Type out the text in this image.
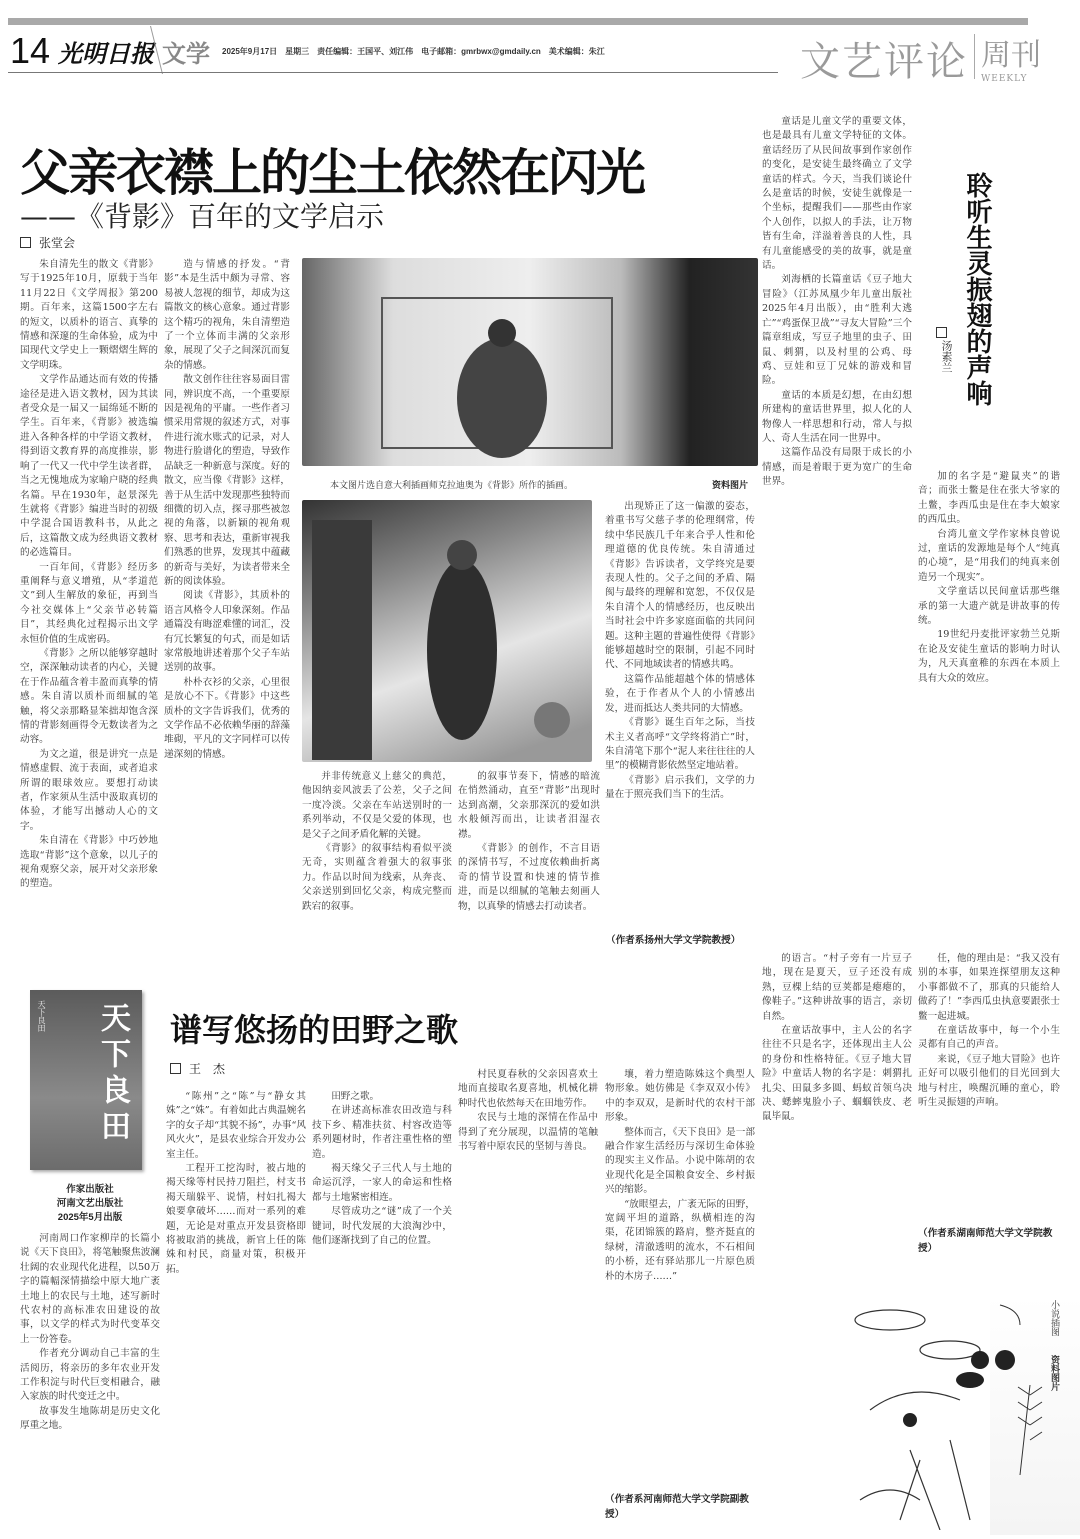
14 光明日报 文学 2025年9月17日　星期三　责任编辑：王国平、刘江伟　电子邮箱：gmrbwx@gmdaily.cn　美术编辑：朱江	文艺评论 周刊
WEEKLY
父亲衣襟上的尘土依然在闪光
——《背影》百年的文学启示
张堂会

朱自清先生的散文《背影》写于1925年10月，原载于当年11月22日《文学周报》第200期。百年来，这篇1500字左右的短文，以质朴的语言、真挚的情感和深邃的生命体验，成为中国现代文学史上一颗熠熠生辉的文学明珠。

文学作品通达而有效的传播途径是进入语文教材，因为其读者受众是一届又一届绵延不断的学生。百年来，《背影》被选编进入各种各样的中学语文教材，得到语文教育界的高度推崇，影响了一代又一代中学生读者群，当之无愧地成为家喻户晓的经典名篇。早在1930年，赵景深先生就将《背影》编进当时的初级中学混合国语教科书，从此之后，这篇散文成为经典语文教材的必选篇目。

一百年间，《背影》经历多重阐释与意义增殖，从“孝道范文”到人生解放的象征，再到当今社交媒体上“父亲节必转篇目”，其经典化过程揭示出文学永恒价值的生成密码。

《背影》之所以能够穿越时空，深深触动读者的内心，关键在于作品蕴含着丰盈而真挚的情感。朱自清以质朴而细腻的笔触，将父亲那略显笨拙却饱含深情的背影刻画得令无数读者为之动容。

为文之道，很是讲究一点是情感虚假、流于表面，或者追求所谓的眼球效应。要想打动读者，作家须从生活中汲取真切的体验，才能写出撼动人心的文字。

朱自清在《背影》中巧妙地选取“背影”这个意象，以儿子的视角观察父亲，展开对父亲形象的塑造。

造与情感的抒发。“背影”本是生活中颇为寻常、容易被人忽视的细节，却成为这篇散文的核心意象。通过背影这个精巧的视角，朱自清塑造了一个立体而丰满的父亲形象，展现了父子之间深沉而复杂的情感。

散文创作往往容易面目雷同，辨识度不高，一个重要原因是视角的平庸。一些作者习惯采用常规的叙述方式，对事件进行流水账式的记录，对人物进行脸谱化的塑造，导致作品缺乏一种新意与深度。好的散文，应当像《背影》这样，善于从生活中发现那些独特而细微的切入点，探寻那些被忽视的角落，以新颖的视角观察、思考和表达，重新审视我们熟悉的世界，发现其中蕴藏的新奇与美好，为读者带来全新的阅读体验。

阅读《背影》，其质朴的语言风格令人印象深刻。作品通篇没有晦涩难懂的词汇，没有冗长繁复的句式，而是如话家常般地讲述着那个父子车站送别的故事。

朴朴衣衫的父亲，心里很是放心不下。《背影》中这些质朴的文字告诉我们，优秀的文学作品不必依赖华丽的辞藻堆砌，平凡的文字同样可以传递深刻的情感。

本文图片选自意大利插画师克拉迪奥为《背影》所作的插画。	资料图片

出现矫正了这一偏激的姿态，着重书写父慈子孝的伦理纲常，传续中华民族几千年来合乎人性和伦理道德的优良传统。朱自清通过《背影》告诉读者，文学终究是要表现人性的。父子之间的矛盾、隔阂与最终的理解和宽恕，不仅仅是朱自清个人的情感经历，也反映出当时社会中许多家庭面临的共同问题。这种主题的普遍性使得《背影》能够超越时空的限制，引起不同时代、不同地域读者的情感共鸣。

这篇作品能超越个体的情感体验，在于作者从个人的小情感出发，进而抵达人类共同的大情感。

《背影》诞生百年之际，当技术主义者高呼“文学终将消亡”时，朱自清笔下那个“泥人来往往往的人里”的模糊背影依然坚定地站着。

《背影》启示我们，文学的力量在于照亮我们当下的生活。

（作者系扬州大学文学院教授）

并非传统意义上慈父的典范，他因纳妾风波丢了公差，父子之间一度冷淡。父亲在车站送别时的一系列举动，不仅是父爱的体现，也是父子之间矛盾化解的关键。

《背影》的叙事结构看似平淡无奇，实则蕴含着强大的叙事张力。作品以时间为线索，从奔丧、父亲送别到回忆父亲，构成完整而跌宕的叙事。

的叙事节奏下，情感的暗流在悄然涌动，直至“背影”出现时达到高潮，父亲那深沉的爱如洪水般倾泻而出，让读者泪湿衣襟。

《背影》的创作，不言目语的深情书写，不过度依赖曲折离奇的情节设置和快速的情节推进，而是以细腻的笔触去刻画人物，以真挚的情感去打动读者。

童话是儿童文学的重要文体，也是最具有儿童文学特征的文体。童话经历了从民间故事到作家创作的变化，是安徒生最终确立了文学童话的样式。今天，当我们谈论什么是童话的时候，安徒生就像是一个坐标，提醒我们——那些由作家个人创作，以拟人的手法，让万物皆有生命，洋溢着善良的人性，具有儿童能感受的美的故事，就是童话。

刘海栖的长篇童话《豆子地大冒险》（江苏凤凰少年儿童出版社2025年4月出版），由“胜利大逃亡”“鸡蛋保卫战”“寻友大冒险”三个篇章组成，写豆子地里的虫子、田鼠、刺猬，以及村里的公鸡、母鸡、豆娃和豆丁兄妹的游戏和冒险。

童话的本质是幻想，在由幻想所建构的童话世界里，拟人化的人物像人一样思想和行动，常人与拟人、奇人生活在同一世界中。

这篇作品没有局限于成长的小情感，而是着眼于更为宽广的生命世界。

聆听生灵振翅的声响
汤素兰

加的名字是“避鼠夹”的谐音；而张士鳖是住在张大爷家的土鳖，李西瓜虫是住在李大娘家的西瓜虫。

台湾儿童文学作家林良曾说过，童话的发源地是每个人“纯真的心境”，是“用我们的纯真来创造另一个现实”。

文学童话以民间童话那些继承的第一大遗产就是讲故事的传统。

19世纪丹麦批评家勃兰兑斯在论及安徒生童话的影响力时认为，凡天真童稚的东西在本质上具有大众的效应。

的语言。“村子旁有一片豆子地，现在是夏天，豆子还没有成熟，豆棵上结的豆荚都是瘪瘪的，像鞋子。”这种讲故事的语言，亲切自然。

在童话故事中，主人公的名字往往不只是名字，还体现出主人公的身份和性格特征。《豆子地大冒险》中童话人物的名字是：刺猬扎扎尖、田鼠多多圆、蚂蚁首领乌决决、蟋蟀鬼脸小子、蝈蝈铁皮、老鼠毕鼠。

任，他的理由是：“我又没有别的本事，如果连探望朋友这种小事都做不了，那真的只能给人做药了！”李西瓜虫执意要跟张士鳖一起进城。

在童话故事中，每一个小生灵都有自己的声音。

来说，《豆子地大冒险》也许正好可以吸引他们的目光回到大地与村庄，唤醒沉睡的童心，聆听生灵振翅的声响。

（作者系湖南师范大学文学院教授）
小说插图
资料图片
天下良田 天下良田
作家出版社
河南文艺出版社
2025年5月出版
谱写悠扬的田野之歌
王　杰

河南周口作家柳岸的长篇小说《天下良田》，将笔触聚焦波澜壮阔的农业现代化进程，以50万字的篇幅深情描绘中原大地广袤土地上的农民与土地，述写新时代农村的高标准农田建设的故事，以文学的样式为时代变革交上一份答卷。

作者充分调动自己丰富的生活阅历，将亲历的多年农业开发工作积淀与时代巨变相融合，融入家族的时代变迁之中。

故事发生地陈胡是历史文化厚重之地。

“陈州”之“陈”与“静女其姝”之“姝”。有着如此古典温婉名字的女子却“其貌不扬”，办事“风风火火”，是县农业综合开发办公室主任。

工程开工挖沟时，被占地的褐天缘等村民持刀阻拦，村支书褐天瑞躲平、说情，村妇扎褐大娘要拿破坏……而对一系列的难题，无论是对重点开发县资格即将被取消的挑战，新官上任的陈姝和村民，商量对策，积极开拓。

田野之歌。

在讲述高标准农田改造与科技下乡、精准扶贫、村容改造等系列题材时，作者注重性格的塑造。

褐天缘父子三代人与土地的命运沉浮，一家人的命运和性格都与土地紧密相连。

尽管成功之“谜”成了一个关键词，时代发展的大浪淘沙中，他们逐渐找到了自己的位置。

村民夏春秋的父亲因喜欢土地而直接取名夏喜地，机械化耕种时代也依然每天在田地劳作。

农民与土地的深情在作品中得到了充分展现，以温情的笔触书写着中原农民的坚韧与善良。

壤，着力塑造陈姝这个典型人物形象。她仿佛是《李双双小传》中的李双双，是新时代的农村干部形象。

整体而言，《天下良田》是一部融合作家生活经历与深切生命体验的现实主义作品。小说中陈胡的农业现代化是全国粮食安全、乡村振兴的缩影。

“放眼望去，广袤无际的田野，宽阔平坦的道路，纵横相连的沟渠，花团锦簇的路肩，整齐挺直的绿树，清澈透明的流水，不石相间的小桥，还有驿站那儿一片原色质朴的木房子……”

（作者系河南师范大学文学院副教授）
